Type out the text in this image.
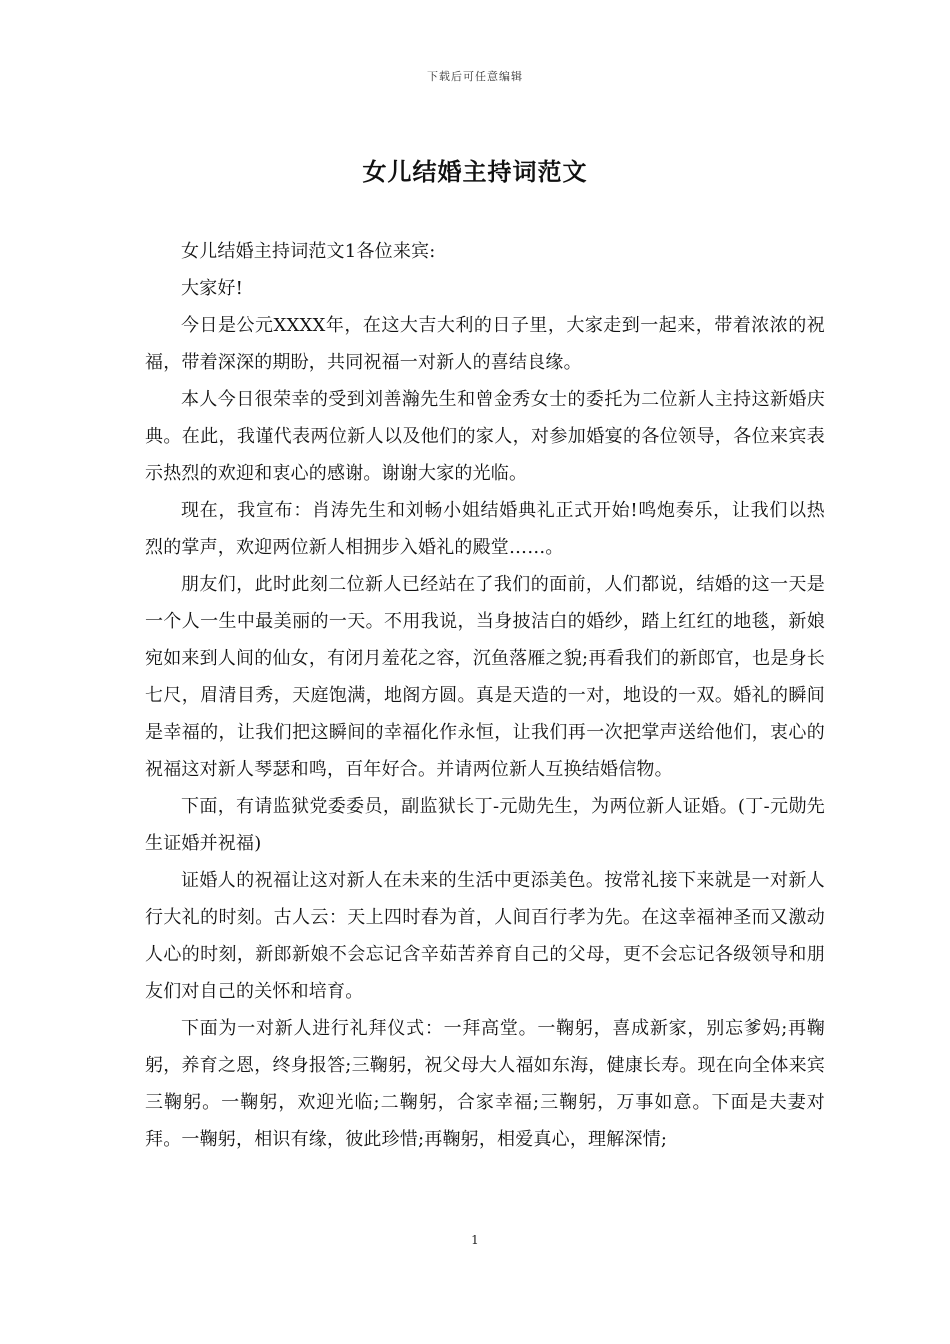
下载后可任意编辑
女儿结婚主持词范文

女儿结婚主持词范文1各位来宾:

大家好!

今日是公元XXXX年，在这大吉大利的日子里，大家走到一起来，带着浓浓的祝福，带着深深的期盼，共同祝福一对新人的喜结良缘。

本人今日很荣幸的受到刘善瀚先生和曾金秀女士的委托为二位新人主持这新婚庆典。在此，我谨代表两位新人以及他们的家人，对参加婚宴的各位领导，各位来宾表示热烈的欢迎和衷心的感谢。谢谢大家的光临。

现在，我宣布：肖涛先生和刘畅小姐结婚典礼正式开始!鸣炮奏乐，让我们以热烈的掌声，欢迎两位新人相拥步入婚礼的殿堂……。

朋友们，此时此刻二位新人已经站在了我们的面前，人们都说，结婚的这一天是一个人一生中最美丽的一天。不用我说，当身披洁白的婚纱，踏上红红的地毯，新娘宛如来到人间的仙女，有闭月羞花之容，沉鱼落雁之貌;再看我们的新郎官，也是身长七尺，眉清目秀，天庭饱满，地阁方圆。真是天造的一对，地设的一双。婚礼的瞬间是幸福的，让我们把这瞬间的幸福化作永恒，让我们再一次把掌声送给他们，衷心的祝福这对新人琴瑟和鸣，百年好合。并请两位新人互换结婚信物。

下面，有请监狱党委委员，副监狱长丁-元勋先生，为两位新人证婚。(丁-元勋先生证婚并祝福)

证婚人的祝福让这对新人在未来的生活中更添美色。按常礼接下来就是一对新人行大礼的时刻。古人云：天上四时春为首，人间百行孝为先。在这幸福神圣而又激动人心的时刻，新郎新娘不会忘记含辛茹苦养育自己的父母，更不会忘记各级领导和朋友们对自己的关怀和培育。

下面为一对新人进行礼拜仪式：一拜高堂。一鞠躬，喜成新家，别忘爹妈;再鞠躬，养育之恩，终身报答;三鞠躬，祝父母大人福如东海，健康长寿。现在向全体来宾三鞠躬。一鞠躬，欢迎光临;二鞠躬，合家幸福;三鞠躬，万事如意。下面是夫妻对拜。一鞠躬，相识有缘，彼此珍惜;再鞠躬，相爱真心，理解深情;

1
